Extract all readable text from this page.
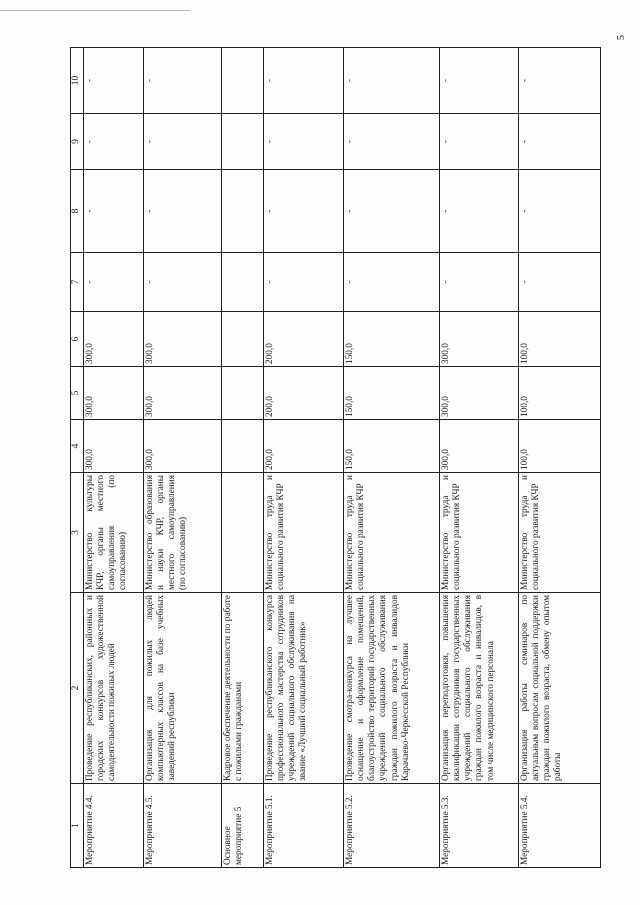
5
1	2	3	4	5	6	7	8	9	10
Мероприятие 4.4.	Проведение республиканских, районных и городских конкурсов художественной самодеятельности пожилых людей	Министерство культуры КЧР, органы местного самоуправления (по согласованию)	300,0	300,0	300,0	-	-	-	-
Мероприятие 4.5.	Организация для пожилых людей компьютерных классов на базе учебных заведений республики	Министерство образования и науки КЧР, органы местного самоуправления (по согласованию)	300,0	300,0	300,0	-	-	-	-
Основное мероприятие 5	Кадровое обеспечение деятельности по работе с пожилыми гражданами								
Мероприятие 5.1.	Проведение республиканского конкурса профессионального мастерства сотрудников учреждений социального обслуживания на звание «Лучший социальный работник»	Министерство труда и социального развития КЧР	200,0	200,0	200,0	-	-	-	-
Мероприятие 5.2.	Проведение смотра-конкурса на лучшее оснащение и оформление помещений, благоустройство территорий государственных учреждений социального обслуживания граждан пожилого возраста и инвалидов Карачаево-Черкесской Республики	Министерство труда и социального развития КЧР	150,0	150,0	150,0	-	-	-	-
Мероприятие 5.3.	Организация переподготовки, повышения квалификации сотрудников государственных учреждений социального обслуживания граждан пожилого возраста и инвалидов, в том числе медицинского персонала	Министерство труда и социального развития КЧР	300,0	300,0	300,0	-	-	-	-
Мероприятие 5.4.	Организация работы семинаров по актуальным вопросам социальной поддержки граждан пожилого возраста, обмену опытом работы	Министерство труда и социального развития КЧР	100,0	100,0	100,0	-	-	-	-
